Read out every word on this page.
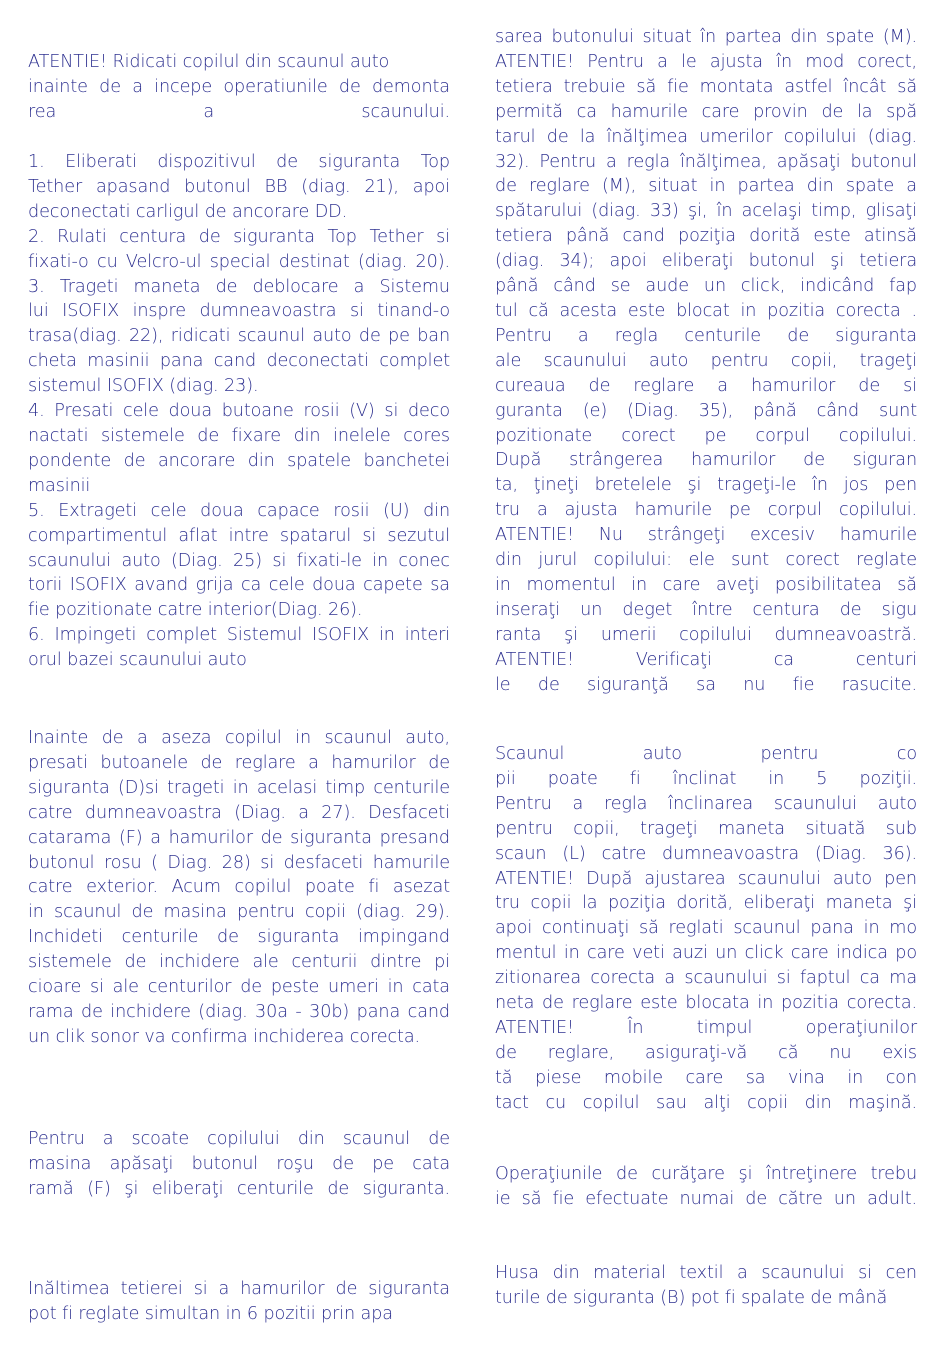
ATENTIE! Ridicati copilul din scaunul auto
inainte de a incepe operatiunile de demonta
rea a scaunului.
1. Eliberati dispozitivul de siguranta Top
Tether apasand butonul BB (diag. 21), apoi
deconectati carligul de ancorare DD.
2. Rulati centura de siguranta Top Tether si
fixati-o cu Velcro-ul special destinat (diag. 20).
3. Trageti maneta de deblocare a Sistemu
lui ISOFIX inspre dumneavoastra si tinand-o
trasa(diag. 22), ridicati scaunul auto de pe ban
cheta masinii pana cand deconectati complet
sistemul ISOFIX (diag. 23).
4. Presati cele doua butoane rosii (V) si deco
nactati sistemele de fixare din inelele cores
pondente de ancorare din spatele banchetei
masinii
5. Extrageti cele doua capace rosii (U) din
compartimentul aflat intre spatarul si sezutul
scaunului auto (Diag. 25) si fixati-le in conec
torii ISOFIX avand grija ca cele doua capete sa
fie pozitionate catre interior(Diag. 26).
6. Impingeti complet Sistemul ISOFIX in interi
orul bazei scaunului auto
Inainte de a aseza copilul in scaunul auto,
presati butoanele de reglare a hamurilor de
siguranta (D)si trageti in acelasi timp centurile
catre dumneavoastra (Diag. a 27). Desfaceti
catarama (F) a hamurilor de siguranta presand
butonul rosu ( Diag. 28) si desfaceti hamurile
catre exterior. Acum copilul poate fi asezat
in scaunul de masina pentru copii (diag. 29).
Inchideti centurile de siguranta impingand
sistemele de inchidere ale centurii dintre pi
cioare si ale centurilor de peste umeri in cata
rama de inchidere (diag. 30a - 30b) pana cand
un clik sonor va confirma inchiderea corecta.
Pentru a scoate copilului din scaunul de
masina apăsaţi butonul roşu de pe cata
ramă (F) şi eliberaţi centurile de siguranta.
Inăltimea tetierei si a hamurilor de siguranta
pot fi reglate simultan in 6 pozitii prin apa
sarea butonului situat în partea din spate (M).
ATENTIE! Pentru a le ajusta în mod corect,
tetiera trebuie să fie montata astfel încât să
permită ca hamurile care provin de la spă
tarul de la înălţimea umerilor copilului (diag.
32). Pentru a regla înălţimea, apăsaţi butonul
de reglare (M), situat in partea din spate a
spătarului (diag. 33) şi, în acelaşi timp, glisaţi
tetiera până cand poziţia dorită este atinsă
(diag. 34); apoi eliberaţi butonul şi tetiera
până când se aude un click, indicând fap
tul că acesta este blocat in pozitia corecta .
Pentru a regla centurile de siguranta
ale scaunului auto pentru copii, trageţi
cureaua de reglare a hamurilor de si
guranta (e) (Diag. 35), până când sunt
pozitionate corect pe corpul copilului.
După strângerea hamurilor de siguran
ta, ţineţi bretelele şi trageţi-le în jos pen
tru a ajusta hamurile pe corpul copilului.
ATENTIE! Nu strângeţi excesiv hamurile
din jurul copilului: ele sunt corect reglate
in momentul in care aveţi posibilitatea să
inseraţi un deget între centura de sigu
ranta şi umerii copilului dumneavoastră.
ATENTIE! Verificaţi ca centuri
le de siguranţă sa nu fie rasucite.
Scaunul auto pentru co
pii poate fi înclinat in 5 poziţii.
Pentru a regla înclinarea scaunului auto
pentru copii, trageţi maneta situată sub
scaun (L) catre dumneavoastra (Diag. 36).
ATENTIE! După ajustarea scaunului auto pen
tru copii la poziţia dorită, eliberaţi maneta şi
apoi continuaţi să reglati scaunul pana in mo
mentul in care veti auzi un click care indica po
zitionarea corecta a scaunului si faptul ca ma
neta de reglare este blocata in pozitia corecta.
ATENTIE! În timpul operaţiunilor
de reglare, asiguraţi-vă că nu exis
tă piese mobile care sa vina in con
tact cu copilul sau alţi copii din maşină.
Operaţiunile de curăţare şi întreţinere trebu
ie să fie efectuate numai de către un adult.
Husa din material textil a scaunului si cen
turile de siguranta (B) pot fi spalate de mână
